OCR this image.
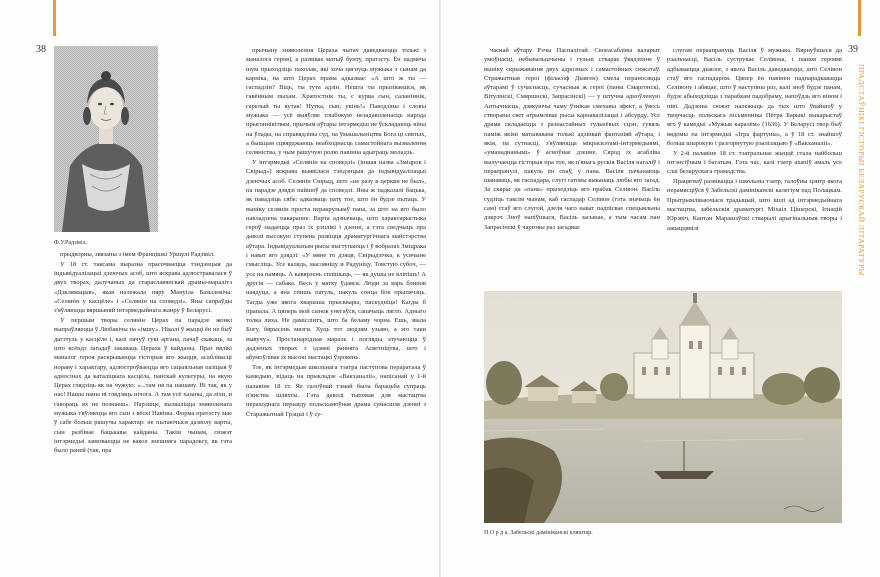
38
Ф.У.Радзівіл.

прыдворны, звязаны з імем Францішкі Уршулі Радзівіл.

У 18 ст. таксама выразна прасочваецца тэндэнцыя да індывідуалізацыі дзеючых асоб, што яскрава адлюстравалася ў двух творах, далучаных да стараславянскай драмы-маралітэ «Дзклямацыя», якая належала пяру Мануіла Базылевіча: «Селянін у касцёле» і «Селянін на споведзі». Яны сапраўды з'яўляюцца вяршыняй інтэрмедыйнага жанру ў Беларусі.

У першым творы селянін Церах па парадзе жонкі выпраўляецца ў Любавічы на «імшу». Нікалі ў жыцці ён не быў дагэтуль у касцёле і, калі пачуў гукі аргана, пачаў скакаць, за што ксёндз загадаў закаваць Цераха ў кайданы. Праз вялікі маналог героя раскрываецца гісторыя яго жыцця, асаблівасці нораву і характару, адлюстроўваецца яго сацыяльная пазіцыя ў адносінах да каталіцкага касцёла, панскай культуры, на якую Церах глядзіць як на чужую: «...там ня па нашаму. Ні так, як у нас! Нашы паны ні глядзяць нічога. А там усё хазаны, да ліхи, и гавораць ях не познаеш». Нарэшце, вызваліцца зняволенага мужыка з'яўляецца яго сын з вёскі Навіны. Форма пратэсту мае ў сабе больш рашучы характар: не пытаючыся дазволу варты, сын разбівае бацькавы кайданы. Такім чынам, сюжэт інтэрмедыі завязваецца не вакол знешняга парадоксу, як гэта было раней (так, пра

прычыну зняволення Цераха чытач даведваецца толькі з маналога героя), а развівае матыў бунту, пратэсту. Ён падмеча шум прыходзіць пахолак, які хоча цягнуць мужыка з сынам да карніка, на што Церах прама адказвае: «А што ж ты — гаспадзін? Віць, ты тута адзін. Нешта ты прызіваешся, як гавённым пыхам. Храпостнік ты, с курва сын, саланіннік, гарелый ты кутак! Нутка, сын, укінь!» Паводзіны і словы мужыка — усё выяўляе глыбокую незадаволенасць народа прыгоннікітвам, прычым аўтары інтэрмедыі не ўскладаюць віны на ўлады, на справядлівы суд, на ўмашальніцтва Бога ці святых, а бышцам сцвярджаюць неабходнасць самастойнага вызвалення селяніства, у чым рашучую ролю павінна адыграць моладзь.

У інтэрмедыі «Селянін на споведзі» (іншая назва «Зміцрок і Свірыд») яскрава выявілася тэндэнцыя да індывідуалізацыі дзеючых асоб. Селянін Свірыд, што «не разу в церкви не был», па парадзе дзядзі пайшоў да споведзі. Яны ж падказалі бацька, як павадзіць сябе: адказваць пату тое, што ён будзе пытаць. У выніку селянін проста перакрульваў папа, за што на яго было накладзена пакаранне. Варта адзначыць, што характарыстыка героў падаецца праз іх рэплікі і дзенні, а гэта сведчыць пра даволі высокую ступень развіцця драматургічнага майстэрства аўтара. Індывідуальным рысы выступаюць і ў вобразах Зміцрака і нават яго дзядзі: «У мяне то дзяця, Свірыдзічка, к усячыне смысліць. Усе калядь, масляніцу и Радуніцу. Товстую субоч, — усе на памяць. А кавярзень сплішыць, — як душы не вліпішь! А другія — сабака. Весь у матку ўдався. Люди за варь блинов наядуца, а яна спишь патуль, пакуль сонца бок прыпячэць. Тагды уже якога хварыша прысквары, паскудніца! Кагды б прапала. А цяперь мой сынок унегаўся, сапачыць лягло. Адныго толка лиха. Не даміслінтъ, што ба беламу чорна. Ешь, звала Богу, бярысень мязги. Хуць тот людзям узьяю, а эго таки вывучу». Простанародная мараль і погляды злучаюцца ў дадзеных творах з ідэямі ранняга Асветніцтва, што і абумоўлівае іх высокі мастацкі ўзровень.

Тое, як інтэрмедыя школьнага тэатра паступова пераратала ў камедыю, відаць на прыкладзе «Вакханаліі», напісанай у 1-й палавіне 18 ст. Яе галоўнай тэмай была барацьба супраць п'янства шляхты. Гэта даволі тыповая для мастацтва пераходнага перыяду польскамоўная драма сумасшэя дзенні з Старажытнай Грэцыі і ў су-

39
ПРАДСТАЎНІКІ ГІСТОРЫІ БЕЛАРУСКАЙ ЛІТАРАТУРЫ

часнай аўтару Рэчы Паспалітай. Своеасаблівы каларыт умоўнасці, небывальшчыны і гульні стварае ўвядзенне ў выніку скрыжавання двух адрозных і самастойных сюжэтаў. Стражытныя героі (філасоф Дыяген) смела пераносяцца аўтарамі ў сучаснасць, сучасныя ж героі (паны Смаргонскі, Вітулінскі, Смяршнскі, Запрасінскі) — у штучна адноўленую Антычнасць, дзякуючы чаму ўзнікае смехавы эфект, а ўвесь створаны свет атрымлівае рысы карнавалізацыі і абсурду. Усе драма складаецца з разнастайных гульнёвых сцэн, сувязь паміж якімі матывавана толькі адзінкай фантазіяй аўтара, і якія, па сутнасці, з'яўляюцца мікраскэтамі-інтэрмедыямі, «уманаднанымі» ў асноўнае дзенне. Сярод іх асабліва вылучаецца гісторыя пра тое, як п'янага рускія Васіля нагаліў і перапранулі, пакуль ён спаў, у пана. Васіля пачынаюць шанаваць, як гаспадара, слугі гатовы выканаць любы яго загад. За сквраг да «пана» прыходзіць яго прабак Селівон. Васіль судзіць таксім чынам, каб гаспадар Селівон (гэта значыць ён сам) стаў яго слугой, дзеля чаго нават падпісвае спецыяльны дэкрэт. Зноў напіўшыся, Васіль засынае, а тым часам пан Запрасінскі ў чарговы раз загадвае

слугам пераапрануць Васіля ў мужыка. Вярнуўшыся да рэальнасці, Васіль суструкае Селівона, і пашоя героямі адбываецца дыялог, з якога Васіль даведваецца, што Селівон стаў яго гаспадаром. Цяпер ён павінен падпарадкавацца Селівону і абяцае, што ў наступны раз, калі зноў будзе панам, будзе абыходзіцца з парабкам падобраму, напоўдзь яго віном і пiвi. Дадзены сюжэт належыць да тых што ўвайшоў у творчасць польскага пісьменніка Пётра Барыкі выкарыстаў яго ў камедыі «Мужык каралём» (1636). У Беларусі твор быў вядомы па інтэрмедыі «Ігра фартуны», а ў 18 ст. знайшоў больш шырокую і разгорнутую рэалізацыю ў «Вакханаліі».

У 2-й палавіне 18 ст. тэатральнае жыццё стала найбольш інтэнсіўным і багатым. Гэта час, калі тэатр ахапіў амаль усе слаі беларускага грамадства.

Працягваў развівацца і школьны тэатр, галоўны цэнтр якога перамясціўся ў Забельскі дамініканскі калегіум пад Полацкам. Прытрымліваючыся традыцый, што ішлі ад інтэрмедыйнага мастацтва, забельскія драматургі Міхаіл Цішерскі, Ігнацій Юрэвіч, Кантан Марашэўскі стварылі арыгінальныя творы і ажыццявілі

Н.О р д а. Забельскі дамініканскі кляштар.
